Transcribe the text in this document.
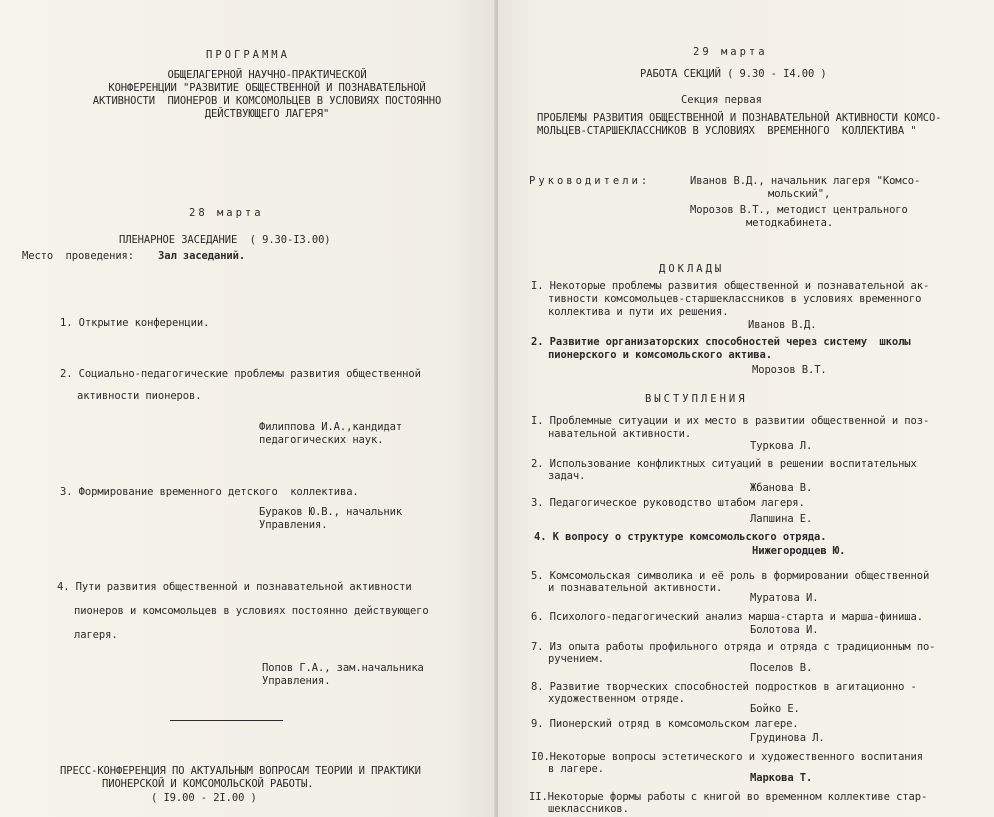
ПРОГРАММА
ОБЩЕЛАГЕРНОЙ НАУЧНО-ПРАКТИЧЕСКОЙ
КОНФЕРЕНЦИИ "РАЗВИТИЕ ОБЩЕСТВЕННОЙ И ПОЗНАВАТЕЛЬНОЙ
АКТИВНОСТИ  ПИОНЕРОВ И КОМСОМОЛЬЦЕВ В УСЛОВИЯХ ПОСТОЯННО
ДЕЙСТВУЮЩЕГО ЛАГЕРЯ"
28 марта
ПЛЕНАРНОЕ ЗАСЕДАНИЕ  ( 9.30-I3.00)
Место  проведения: Зал заседаний.
1. Открытие конференции.
2. Социально-педагогические проблемы развития общественной
активности пионеров.
Филиппова И.А.,кандидат
педагогических наук.
3. Формирование временного детского  коллектива.
Бураков Ю.В., начальник
Управления.
4. Пути развития общественной и познавательной активности
пионеров и комсомольцев в условиях постоянно действующего
лагеря.
Попов Г.А., зам.начальника
Управления.
ПРЕСС-КОНФЕРЕНЦИЯ ПО АКТУАЛЬНЫМ ВОПРОСАМ ТЕОРИИ И ПРАКТИКИ
ПИОНЕРСКОЙ И КОМСОМОЛЬСКОЙ РАБОТЫ.
( I9.00 - 2I.00 )
29 марта
РАБОТА СЕКЦИЙ ( 9.30 - I4.00 )
Секция первая
ПРОБЛЕМЫ РАЗВИТИЯ ОБЩЕСТВЕННОЙ И ПОЗНАВАТЕЛЬНОЙ АКТИВНОСТИ КОМСО-
МОЛЬЦЕВ-СТАРШЕКЛАССНИКОВ В УСЛОВИЯХ  ВРЕМЕННОГО  КОЛЛЕКТИВА "
Руководители:	Иванов В.Д., начальник лагеря "Комсо-
мольский",
Морозов В.Т., методист центрального
методкабинета.
ДОКЛАДЫ
I. Некоторые проблемы развития общественной и познавательной ак-
тивности комсомольцев-старшеклассников в условиях временного
коллектива и пути их решения.
Иванов В.Д.
2. Развитие организаторских способностей через систему  школы
пионерского и комсомольского актива.
Морозов В.Т.
ВЫСТУПЛЕНИЯ
I. Проблемные ситуации и их место в развитии общественной и поз-
навательной активности.
Туркова Л.
2. Использование конфликтных ситуаций в решении воспитательных
задач.
Жбанова В.
3. Педагогическое руководство штабом лагеря.
Лапшина Е.
4. К вопросу о структуре комсомольского отряда.
Нижегородцев Ю.
5. Комсомольская символика и её роль в формировании общественной
и познавательной активности.
Муратова И.
6. Психолого-педагогический анализ марша-старта и марша-финиша.
Болотова И.
7. Из опыта работы профильного отряда и отряда с традиционным по-
ручением.
Поселов В.
8. Развитие творческих способностей подростков в агитационно -
художественном отряде.
Бойко Е.
9. Пионерский отряд в комсомольском лагере.
Грудинова Л.
I0.Некоторые вопросы эстетического и художественного воспитания
в лагере.
Маркова Т.
II.Некоторые формы работы с книгой во временном коллективе стар-
шеклассников.
